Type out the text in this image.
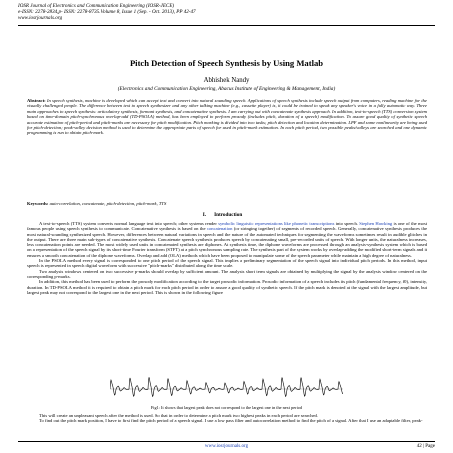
IOSR Journal of Electronics and Communication Engineering (IOSR-JECE)
e-ISSN: 2278-2834,p- ISSN: 2278-8735.Volume 8, Issue 1 (Sep. - Oct. 2013), PP 42-47
www.iosrjournals.org
Pitch Detection of Speech Synthesis by Using Matlab
Abhishek Nandy
(Electronics and Communication Engineering, Abacus Institute of Engineering & Management, India)
Abstract: In speech synthesis, machine is developed which can accept text and convert into natural sounding speech. Applications of speech synthesis include speech output from computers, reading machine for the visually challenged people. The difference between text to speech synthesizer and any other talking machine (e.g., cassette player) is, it could be trained to speak any speaker's voice in a fully automatic way. Three main approaches to speech synthesis: articulatory synthesis, formant synthesis, and concatenative synthesis. I am carrying out with concatenate synthesis approach. In addition, text-to-speech (TTS) conversion system based on time-domain pitch-synchronous overlap-add (TD-PSOLA) method, has been employed to perform prosody (includes pitch, duration of a speech) modification. To assure good quality of synthetic speech accurate estimation of pitch-period and pitch-marks are necessary for pitch modification. Pitch marking is divided into two tasks; pitch detection and location determination. LPF and some nonlinearity are being used for pitch-detection; peak-valley decision method is used to determine the appropriate parts of speech for used in pitch-mark estimation. In each pitch period, two possible peaks/valleys are searched and one dynamic programming is run to obtain pitch-mark.
Keywords: auto-correlation, concatenate, pitch-detection, pitch-mark, TTS
I. Introduction

A text-to-speech (TTS) system converts normal language text into speech; other systems render symbolic linguistic representations like phonetic transcriptions into speech. Stephen Hawking is one of the most famous people using speech synthesis to communicate. Concatenative synthesis is based on the concatenation (or stringing together) of segments of recorded speech. Generally, concatenative synthesis produces the most natural-sounding synthesized speech. However, differences between natural variations in speech and the nature of the automated techniques for segmenting the waveforms sometimes result in audible glitches in the output. There are three main sub-types of concatenative synthesis. Concatenate speech synthesis produces speech by concatenating small, pre-recorded units of speech. With longer units, the naturalness increases, less concatenation points are needed. The most widely used units in concatenated synthesis are diphones. At synthesis time, the diphone waveforms are processed through an analysis-synthesis system which is based on a representation of the speech signal by its short-time Fourier transform (STFT) at a pitch synchronous sampling rate. The synthesis part of the system works by overlap-adding the modified short-term signals and it ensures a smooth concatenation of the diphone waveforms. Overlap and add (OLA) methods which have been proposed to manipulate some of the speech parameter while maintain a high degree of naturalness.

In the PSOLA method every signal is corresponded to one pitch period of the speech signal. This implies a preliminary segmentation of the speech signal into individual pitch periods. In this method, input speech is represented in speech digital waveform with successive "pitch-marks" distributed along the time scale.

Two analysis windows centered on two successive p-marks should overlap by sufficient amount. The analysis short term signals are obtained by multiplying the signal by the analysis window centered on the corresponding p-marks.

In addition, this method has been used to perform the prosody modification according to the target prosodic information. Prosodic information of a speech includes its pitch (fundamental frequency, f0), intensity, duration. In TD-PSOLA method it is required to obtain a pitch mark for each pitch period in order to assure a good quality of synthetic speech. If the pitch mark is denoted at the signal with the largest amplitude, but largest peak may not correspond to the largest one in the next period. This is shown in the following figure

Fig1: It shows that largest peak does not correspond to the largest one in the next period

This will create an unpleasant speech after the method is used. So that in order to determine a pitch mark two highest peaks in each period are searched.

To find out the pitch mark position, I have to first find the pitch period of a speech signal. I use a low pass filter and autocorrelation method to find the pitch of a signal. After that I use an adaptable filter, peak-

www.iosrjournals.org	42 | Page
